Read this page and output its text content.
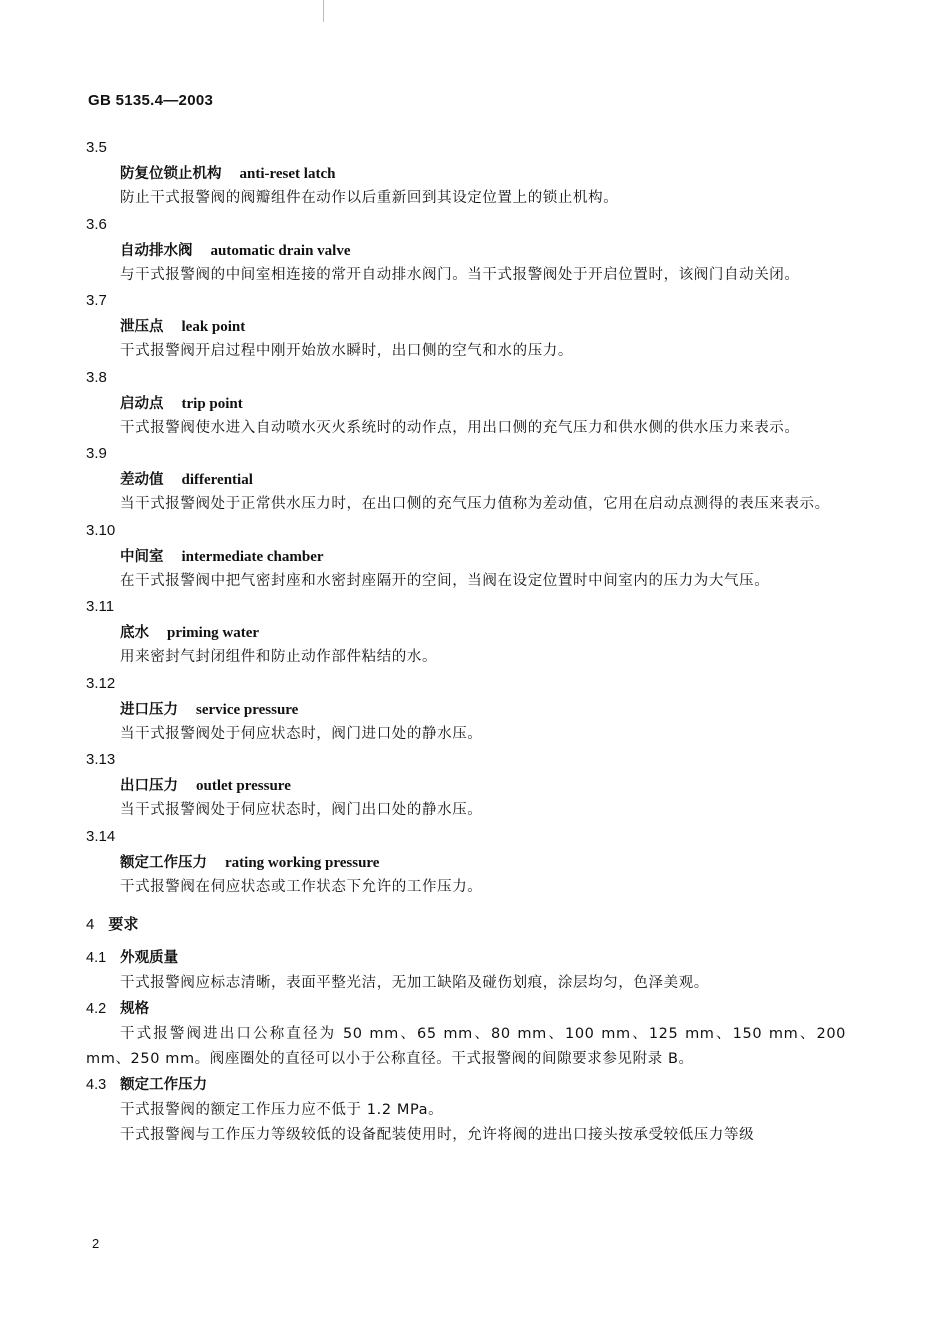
GB 5135.4—2003
3.5
防复位锁止机构 anti-reset latch

防止干式报警阀的阀瓣组件在动作以后重新回到其设定位置上的锁止机构。

3.6
自动排水阀 automatic drain valve

与干式报警阀的中间室相连接的常开自动排水阀门。当干式报警阀处于开启位置时，该阀门自动关闭。

3.7
泄压点 leak point

干式报警阀开启过程中刚开始放水瞬时，出口侧的空气和水的压力。

3.8
启动点 trip point

干式报警阀使水进入自动喷水灭火系统时的动作点，用出口侧的充气压力和供水侧的供水压力来表示。

3.9
差动值 differential

当干式报警阀处于正常供水压力时，在出口侧的充气压力值称为差动值，它用在启动点测得的表压来表示。

3.10
中间室 intermediate chamber

在干式报警阀中把气密封座和水密封座隔开的空间，当阀在设定位置时中间室内的压力为大气压。

3.11
底水 priming water

用来密封气封闭组件和防止动作部件粘结的水。

3.12
进口压力 service pressure

当干式报警阀处于伺应状态时，阀门进口处的静水压。

3.13
出口压力 outlet pressure

当干式报警阀处于伺应状态时，阀门出口处的静水压。

3.14
额定工作压力 rating working pressure

干式报警阀在伺应状态或工作状态下允许的工作压力。

4 要求
4.1 外观质量

干式报警阀应标志清晰，表面平整光洁，无加工缺陷及碰伤划痕，涂层均匀，色泽美观。

4.2 规格

干式报警阀进出口公称直径为 50 mm、65 mm、80 mm、100 mm、125 mm、150 mm、200 mm、250 mm。阀座圈处的直径可以小于公称直径。干式报警阀的间隙要求参见附录 B。

4.3 额定工作压力

干式报警阀的额定工作压力应不低于 1.2 MPa。

干式报警阀与工作压力等级较低的设备配装使用时，允许将阀的进出口接头按承受较低压力等级

2
